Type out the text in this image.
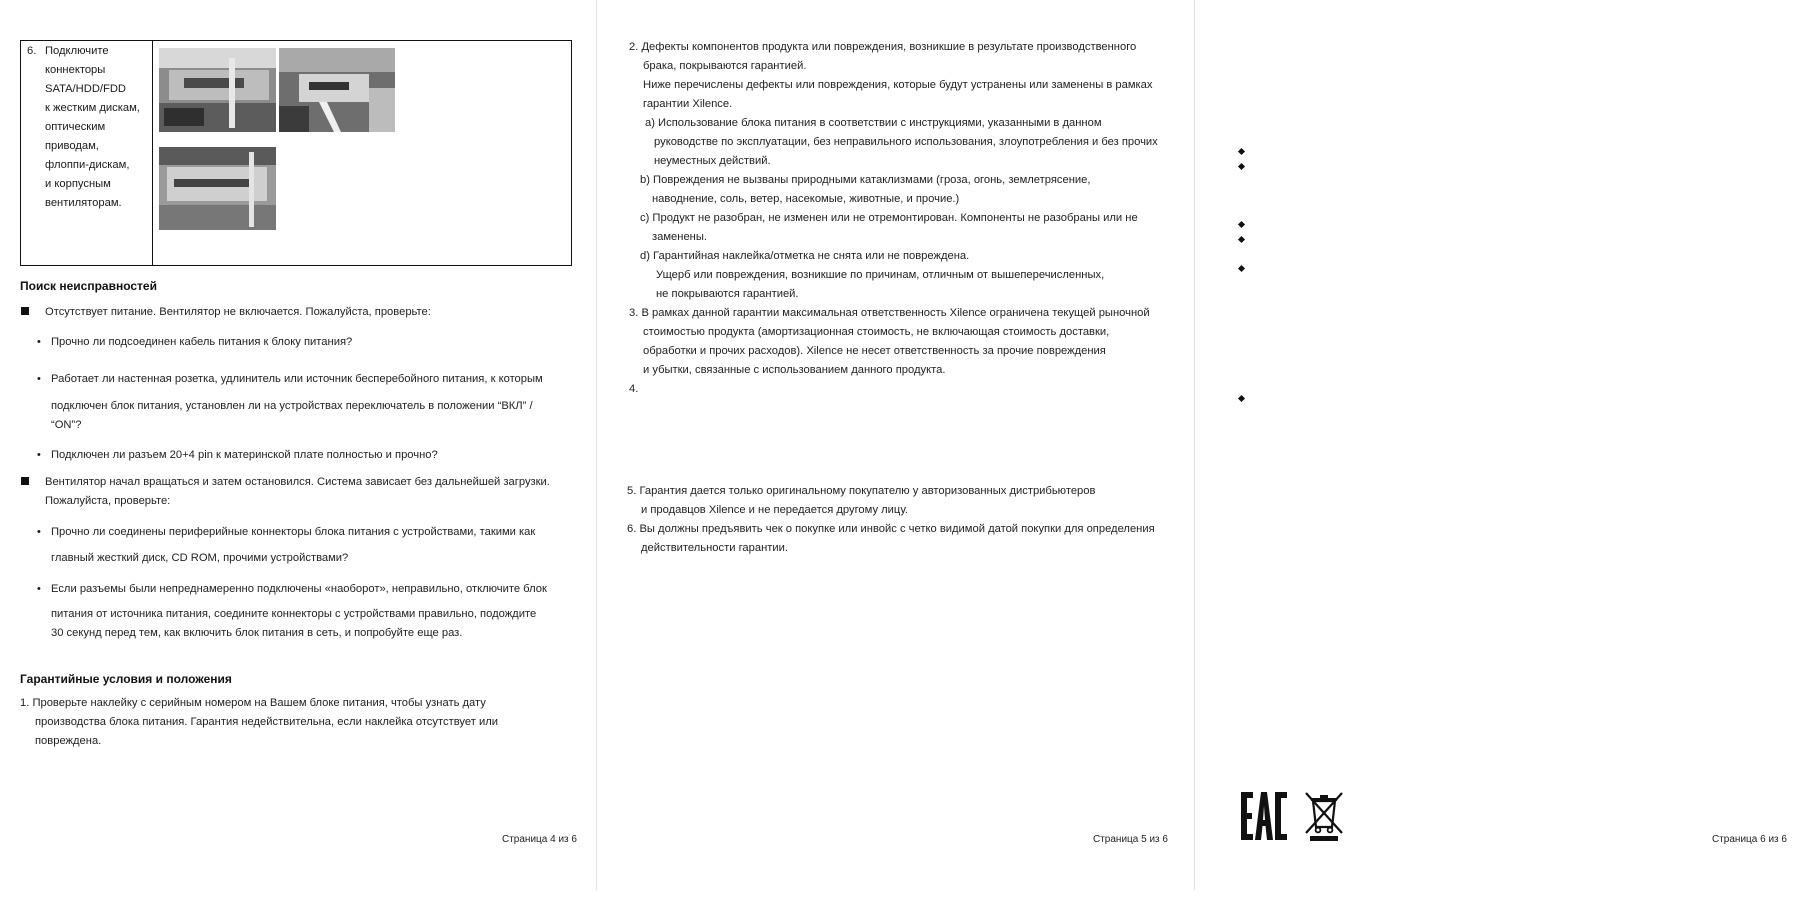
6. Подключите
коннекторы
SATA/HDD/FDD
к жестким дискам,
оптическим
приводам,
флоппи-дискам,
и корпусным
вентиляторам.
Поиск неисправностей
Отсутствует питание. Вентилятор не включается. Пожалуйста, проверьте:
• Прочно ли подсоединен кабель питания к блоку питания?
• Работает ли настенная розетка, удлинитель или источник бесперебойного питания, к которым
подключен блок питания, установлен ли на устройствах переключатель в положении “ВКЛ” /
“ON”?
• Подключен ли разъем 20+4 pin к материнской плате полностью и прочно?
Вентилятор начал вращаться и затем остановился. Система зависает без дальнейшей загрузки.
Пожалуйста, проверьте:
• Прочно ли соединены периферийные коннекторы блока питания с устройствами, такими как
главный жесткий диск, CD ROM, прочими устройствами?
• Если разъемы были непреднамеренно подключены «наоборот», неправильно, отключите блок
питания от источника питания, соедините коннекторы с устройствами правильно, подождите
30 секунд перед тем, как включить блок питания в сеть, и попробуйте еще раз.
Гарантийные условия и положения
1. Проверьте наклейку с серийным номером на Вашем блоке питания, чтобы узнать дату
производства блока питания. Гарантия недействительна, если наклейка отсутствует или
повреждена.
Страница 4 из 6
2. Дефекты компонентов продукта или повреждения, возникшие в результате производственного
брака, покрываются гарантией.
Ниже перечислены дефекты или повреждения, которые будут устранены или заменены в рамках
гарантии Xilence.
a) Использование блока питания в соответствии с инструкциями, указанными в данном
руководстве по эксплуатации, без неправильного использования, злоупотребления и без прочих
неуместных действий.
b) Повреждения не вызваны природными катаклизмами (гроза, огонь, землетрясение,
наводнение, соль, ветер, насекомые, животные, и прочие.)
c) Продукт не разобран, не изменен или не отремонтирован. Компоненты не разобраны или не
заменены.
d) Гарантийная наклейка/отметка не снята или не повреждена.
Ущерб или повреждения, возникшие по причинам, отличным от вышеперечисленных,
не покрываются гарантией.
3. В рамках данной гарантии максимальная ответственность Xilence ограничена текущей рыночной
стоимостью продукта (амортизационная стоимость, не включающая стоимость доставки,
обработки и прочих расходов). Xilence не несет ответственность за прочие повреждения
и убытки, связанные с использованием данного продукта.
4.
5. Гарантия дается только оригинальному покупателю у авторизованных дистрибьютеров
и продавцов Xilence и не передается другому лицу.
6. Вы должны предъявить чек о покупке или инвойс с четко видимой датой покупки для определения
действительности гарантии.
Страница 5 из 6	Страница 6 из 6
